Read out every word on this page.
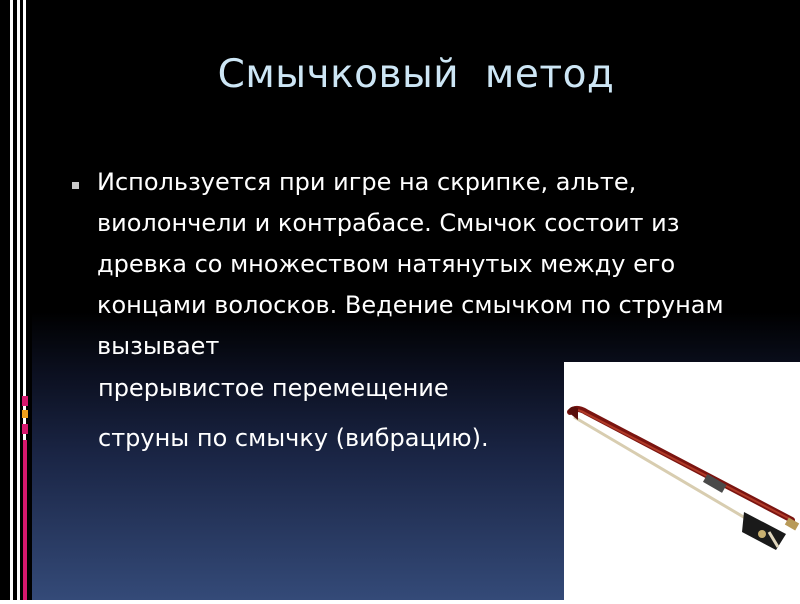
Смычковый  метод
Используется при игре на скрипке, альте, виолончели и контрабасе. Смычок состоит из древка со множеством натянутых между его концами волосков. Ведение смычком по струнам вызывает
прерывистое перемещение
струны по смычку (вибрацию).
